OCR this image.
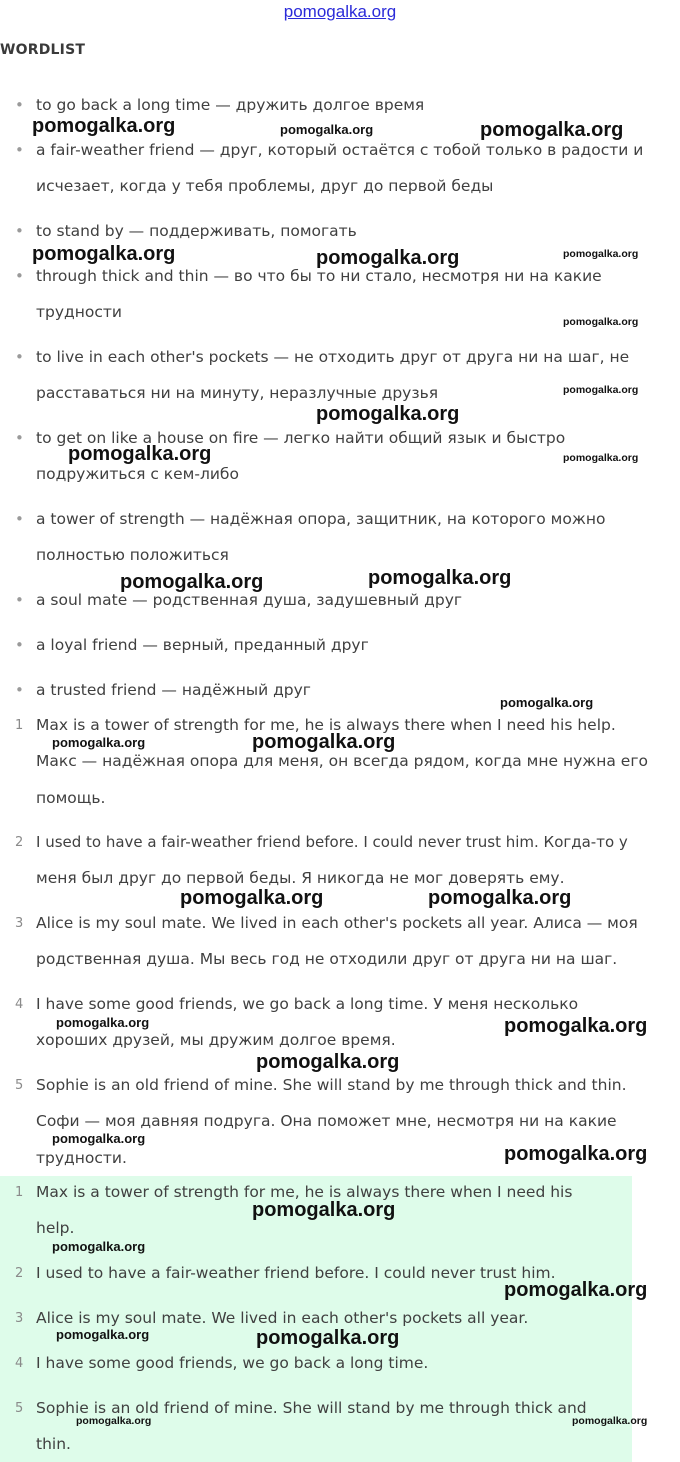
pomogalka.org
WORDLIST
•
•
•
•
•
•
•
•
•
•
to go back a long time — дружить долгое время
a fair-weather friend — друг, который остаётся с тобой только в радости и
исчезает, когда у тебя проблемы, друг до первой беды
to stand by — поддерживать, помогать
through thick and thin — во что бы то ни стало, несмотря ни на какие
трудности
to live in each other's pockets — не отходить друг от друга ни на шаг, не
расставаться ни на минуту, неразлучные друзья
to get on like a house on fire — легко найти общий язык и быстро
подружиться с кем-либо
a tower of strength — надёжная опора, защитник, на которого можно
полностью положиться
a soul mate — родственная душа, задушевный друг
a loyal friend — верный, преданный друг
a trusted friend — надёжный друг
1
2
3
4
5
Max is a tower of strength for me, he is always there when I need his help.
Макс — надёжная опора для меня, он всегда рядом, когда мне нужна его
помощь.
I used to have a fair-weather friend before. I could never trust him. Когда-то у
меня был друг до первой беды. Я никогда не мог доверять ему.
Alice is my soul mate. We lived in each other's pockets all year. Алиса — моя
родственная душа. Мы весь год не отходили друг от друга ни на шаг.
I have some good friends, we go back a long time. У меня несколько
хороших друзей, мы дружим долгое время.
Sophie is an old friend of mine. She will stand by me through thick and thin.
Софи — моя давняя подруга. Она поможет мне, несмотря ни на какие
трудности.
1
2
3
4
5
Max is a tower of strength for me, he is always there when I need his
help.
I used to have a fair-weather friend before. I could never trust him.
Alice is my soul mate. We lived in each other's pockets all year.
I have some good friends, we go back a long time.
Sophie is an old friend of mine. She will stand by me through thick and
thin.
pomogalka.org	pomogalka.org	pomogalka.org
pomogalka.org	pomogalka.org	pomogalka.org
pomogalka.org
pomogalka.org
pomogalka.org
pomogalka.org	pomogalka.org
pomogalka.org	pomogalka.org
pomogalka.org
pomogalka.org	pomogalka.org
pomogalka.org	pomogalka.org
pomogalka.org	pomogalka.org
pomogalka.org
pomogalka.org
pomogalka.org
pomogalka.org
pomogalka.org
pomogalka.org
pomogalka.org	pomogalka.org
pomogalka.org	pomogalka.org
